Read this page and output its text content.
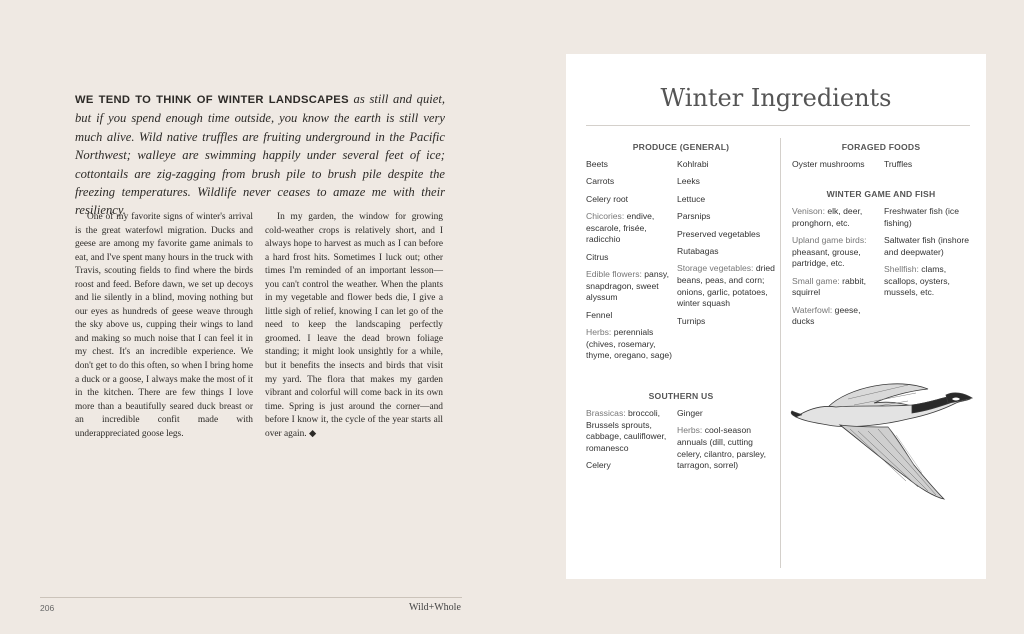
WE TEND TO THINK OF WINTER LANDSCAPES as still and quiet, but if you spend enough time outside, you know the earth is still very much alive. Wild native truffles are fruiting underground in the Pacific Northwest; walleye are swimming happily under several feet of ice; cottontails are zig-zagging from brush pile to brush pile despite the freezing temperatures. Wildlife never ceases to amaze me with their resiliency.

One of my favorite signs of winter's arrival is the great waterfowl migration. Ducks and geese are among my favorite game animals to eat, and I've spent many hours in the truck with Travis, scouting fields to find where the birds roost and feed. Before dawn, we set up decoys and lie silently in a blind, moving nothing but our eyes as hundreds of geese weave through the sky above us, cupping their wings to land and making so much noise that I can feel it in my chest. It's an incredible experience. We don't get to do this often, so when I bring home a duck or a goose, I always make the most of it in the kitchen. There are few things I love more than a beautifully seared duck breast or an incredible confit made with underappreciated goose legs.

In my garden, the window for growing cold-weather crops is relatively short, and I always hope to harvest as much as I can before a hard frost hits. Sometimes I luck out; other times I'm reminded of an important lesson—you can't control the weather. When the plants in my vegetable and flower beds die, I give a little sigh of relief, knowing I can let go of the need to keep the landscaping perfectly groomed. I leave the dead brown foliage standing; it might look unsightly for a while, but it benefits the insects and birds that visit my yard. The flora that makes my garden vibrant and colorful will come back in its own time. Spring is just around the corner—and before I know it, the cycle of the year starts all over again. ◆

206	Wild+Whole
Winter Ingredients
PRODUCE (GENERAL)
Beets
Carrots
Celery root
Chicories: endive, escarole, frisée, radicchio
Citrus
Edible flowers: pansy, snapdragon, sweet alyssum
Fennel
Herbs: perennials (chives, rosemary, thyme, oregano, sage)
Kohlrabi
Leeks
Lettuce
Parsnips
Preserved vegetables
Rutabagas
Storage vegetables: dried beans, peas, and corn; onions, garlic, potatoes, winter squash
Turnips
SOUTHERN US
Brassicas: broccoli, Brussels sprouts, cabbage, cauliflower, romanesco
Celery
Ginger
Herbs: cool-season annuals (dill, cutting celery, cilantro, parsley, tarragon, sorrel)
FORAGED FOODS
Oyster mushrooms	Truffles
WINTER GAME AND FISH
Venison: elk, deer, pronghorn, etc.
Upland game birds: pheasant, grouse, partridge, etc.
Small game: rabbit, squirrel
Waterfowl: geese, ducks
Freshwater fish (ice fishing)
Saltwater fish (inshore and deepwater)
Shellfish: clams, scallops, oysters, mussels, etc.
